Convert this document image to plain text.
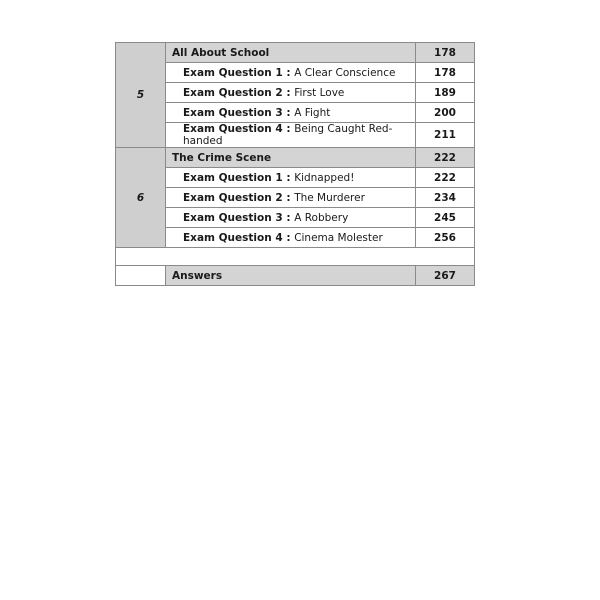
5	All About School	178
	Exam Question 1 : A Clear Conscience	178
	Exam Question 2 : First Love	189
	Exam Question 3 : A Fight	200
	Exam Question 4 : Being Caught Red-handed	211
6	The Crime Scene	222
	Exam Question 1 : Kidnapped!	222
	Exam Question 2 : The Murderer	234
	Exam Question 3 : A Robbery	245
	Exam Question 4 : Cinema Molester	256

	Answers	267
